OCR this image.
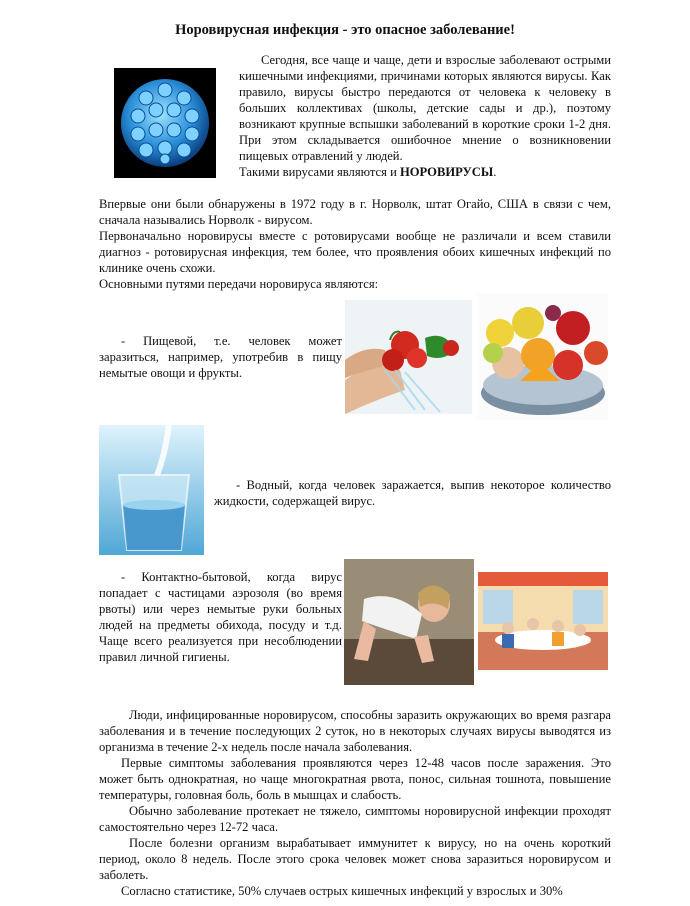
Норовирусная инфекция - это опасное заболевание!

Сегодня, все чаще и чаще, дети и взрослые заболевают острыми кишечными инфекциями, причинами которых являются вирусы. Как правило, вирусы быстро передаются от человека к человеку в больших коллективах (школы, детские сады и др.), поэтому возникают крупные вспышки заболеваний в короткие сроки 1-2 дня. При этом складывается ошибочное мнение о возникновении пищевых отравлений у людей.

Такими вирусами являются и НОРОВИРУСЫ.

Впервые они были обнаружены в 1972 году в г. Норволк, штат Огайо, США в связи с чем, сначала назывались Норволк - вирусом.

Первоначально норовирусы вместе с ротовирусами вообще не различали и всем ставили диагноз - ротовирусная инфекция, тем более, что проявления обоих кишечных инфекций по клинике очень схожи.

Основными путями передачи норовируса являются:

- Пищевой, т.е. человек может заразиться, например, употребив в пищу немытые овощи и фрукты.

- Водный, когда человек заражается, выпив некоторое количество жидкости, содержащей вирус.

- Контактно-бытовой, когда вирус попадает с частицами аэрозоля (во время рвоты) или через немытые руки больных людей на предметы обихода, посуду и т.д. Чаще всего реализуется при несоблюдении правил личной гигиены.

Люди, инфицированные норовирусом, способны заразить окружающих во время разгара заболевания и в течение последующих 2 суток, но в некоторых случаях вирусы выводятся из организма в течение 2-х недель после начала заболевания.

Первые симптомы заболевания проявляются через 12-48 часов после заражения. Это может быть однократная, но чаще многократная рвота, понос, сильная тошнота, повышение температуры, головная боль, боль в мышцах и слабость.

Обычно заболевание протекает не тяжело, симптомы норовирусной инфекции проходят самостоятельно через 12-72 часа.

После болезни организм вырабатывает иммунитет к вирусу, но на очень короткий период, около 8 недель. После этого срока человек может снова заразиться норовирусом и заболеть.

Согласно статистике, 50% случаев острых кишечных инфекций у взрослых и 30%
